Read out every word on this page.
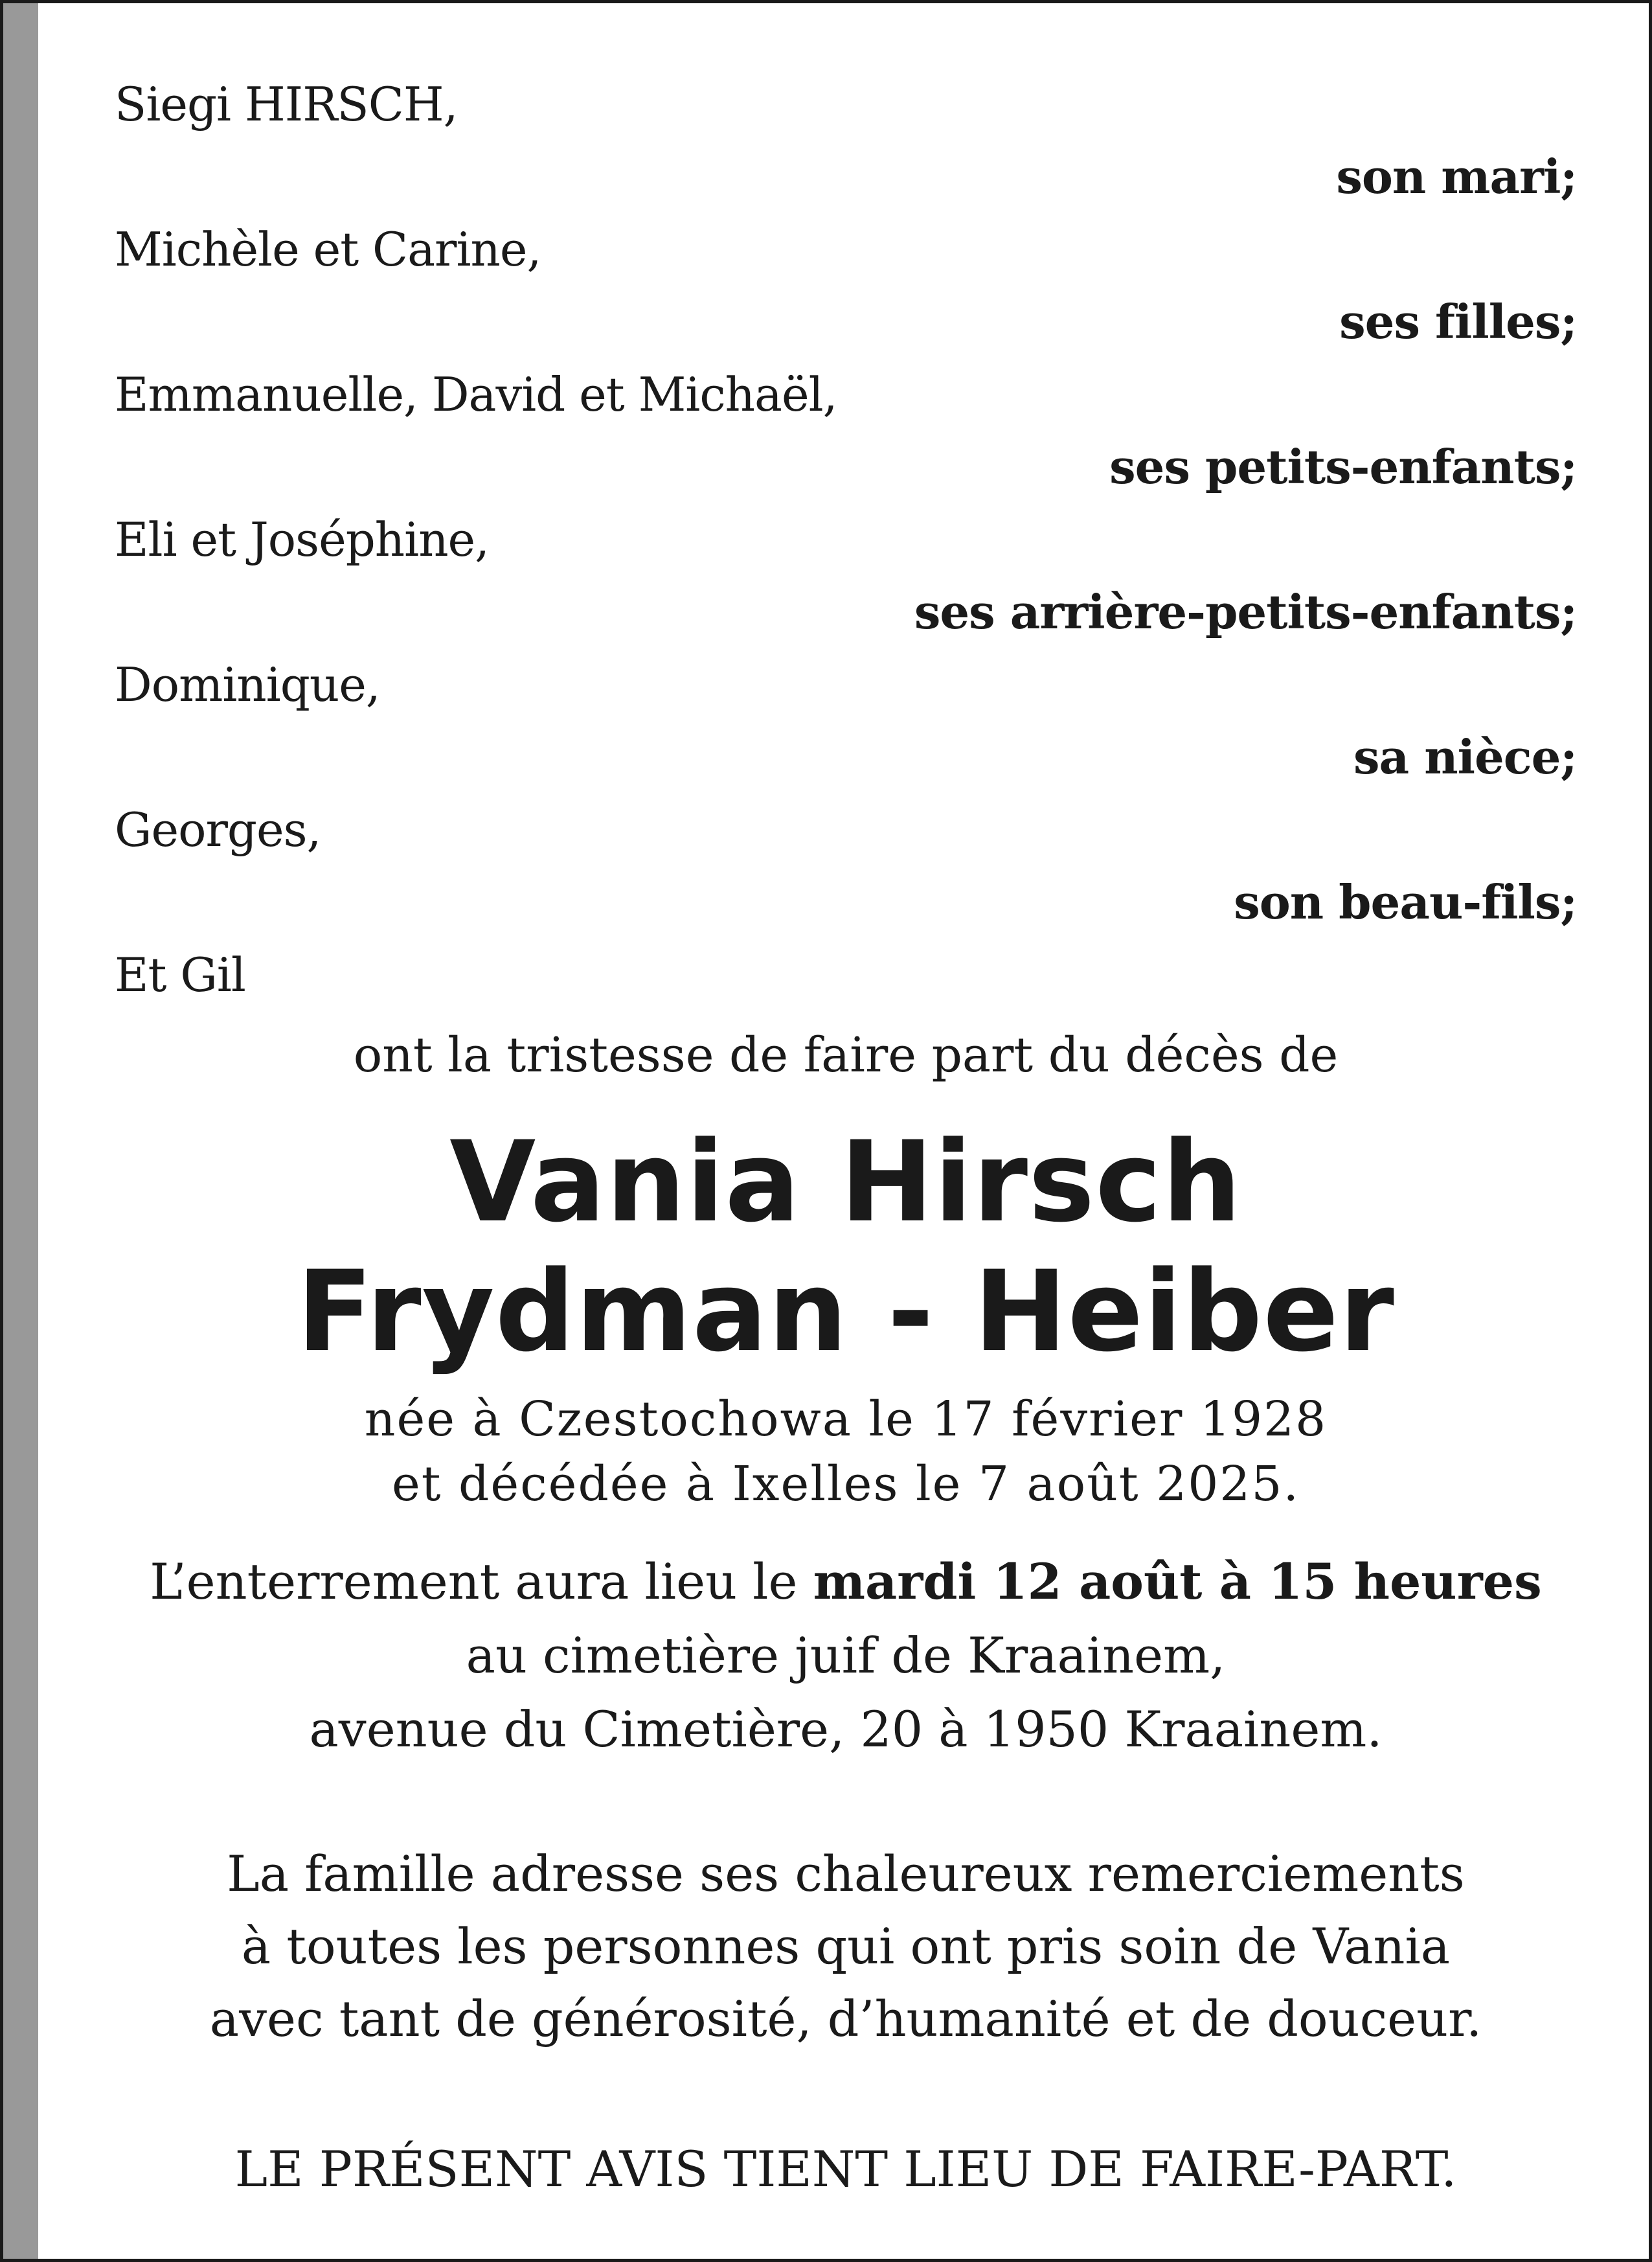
Siegi HIRSCH,

son mari;

Michèle et Carine,

ses filles;

Emmanuelle, David et Michaël,

ses petits-enfants;

Eli et Joséphine,

ses arrière-petits-enfants;

Dominique,

sa nièce;

Georges,

son beau-fils;

Et Gil

ont la tristesse de faire part du décès de

Vania Hirsch

Frydman - Heiber

née à Czestochowa le 17 février 1928

et décédée à Ixelles le 7 août 2025.

L’enterrement aura lieu le mardi 12 août à 15 heures

au cimetière juif de Kraainem,

avenue du Cimetière, 20 à 1950 Kraainem.

La famille adresse ses chaleureux remerciements

à toutes les personnes qui ont pris soin de Vania

avec tant de générosité, d’humanité et de douceur.

LE PRÉSENT AVIS TIENT LIEU DE FAIRE-PART.
